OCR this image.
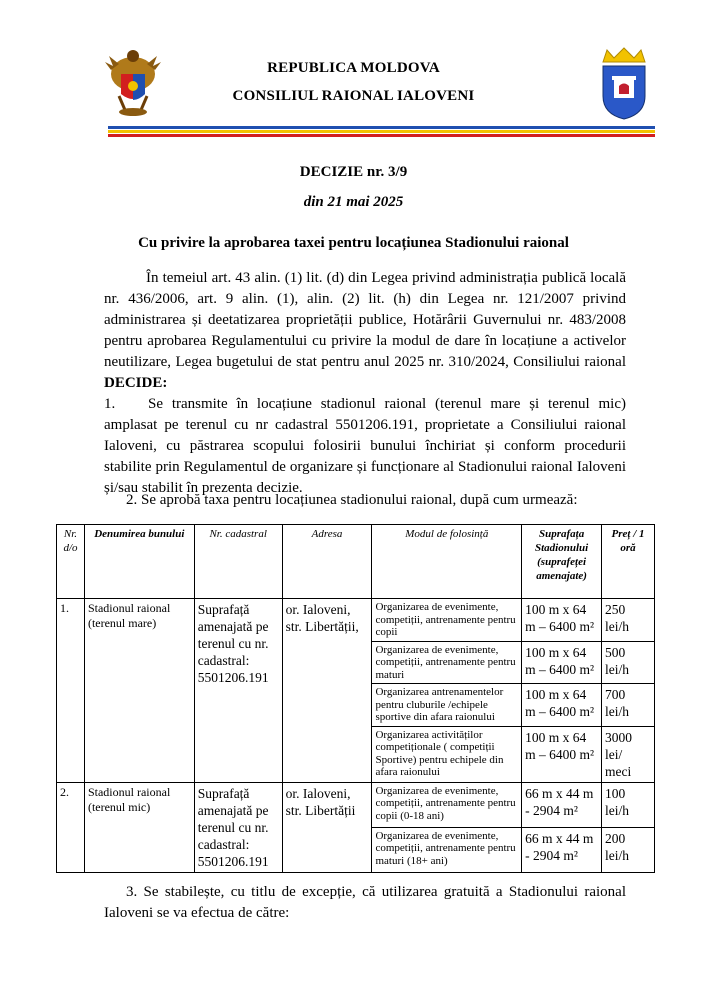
REPUBLICA MOLDOVA
CONSILIUL RAIONAL IALOVENI
DECIZIE nr. 3/9
din 21 mai 2025
Cu privire la aprobarea taxei pentru locațiunea Stadionului raional
În temeiul art. 43 alin. (1) lit. (d) din Legea privind administrația publică locală nr. 436/2006, art. 9 alin. (1), alin. (2) lit. (h) din Legea nr. 121/2007 privind administrarea și deetatizarea proprietății publice, Hotărârii Guvernului nr. 483/2008 pentru aprobarea Regulamentului cu privire la modul de dare în locațiune a activelor neutilizare, Legea bugetului de stat pentru anul 2025 nr. 310/2024, Consiliului raional DECIDE:
1. Se transmite în locațiune stadionul raional (terenul mare și terenul mic) amplasat pe terenul cu nr cadastral 5501206.191, proprietate a Consiliului raional Ialoveni, cu păstrarea scopului folosirii bunului închiriat și conform procedurii stabilite prin Regulamentul de organizare și funcționare al Stadionului raional Ialoveni și/sau stabilit în prezenta decizie.
2. Se aprobă taxa pentru locațiunea stadionului raional, după cum urmează:
Nr. d/o	Denumirea bunului	Nr. cadastral	Adresa	Modul de folosință	Suprafața Stadionului (suprafeței amenajate)	Preț / 1 oră
1.	Stadionul raional (terenul mare)	Suprafață amenajată pe terenul cu nr. cadastral: 5501206.191	or. Ialoveni, str. Libertății,	Organizarea de evenimente, competiții, antrenamente pentru copii	100 m x 64 m – 6400 m²	250 lei/h
				Organizarea de evenimente, competiții, antrenamente pentru maturi	100 m x 64 m – 6400 m²	500 lei/h
				Organizarea antrenamentelor pentru cluburile /echipele sportive din afara raionului	100 m x 64 m – 6400 m²	700 lei/h
				Organizarea activităților competiționale ( competiții Sportive) pentru echipele din afara raionului	100 m x 64 m – 6400 m²	3000 lei/ meci
2.	Stadionul raional (terenul mic)	Suprafață amenajată pe terenul cu nr. cadastral: 5501206.191	or. Ialoveni, str. Libertății	Organizarea de evenimente, competiții, antrenamente pentru copii (0-18 ani)	66 m x 44 m - 2904 m²	100 lei/h
				Organizarea de evenimente, competiții, antrenamente pentru maturi (18+ ani)	66 m x 44 m - 2904 m²	200 lei/h
3. Se stabilește, cu titlu de excepție, că utilizarea gratuită a Stadionului raional Ialoveni se va efectua de către:
